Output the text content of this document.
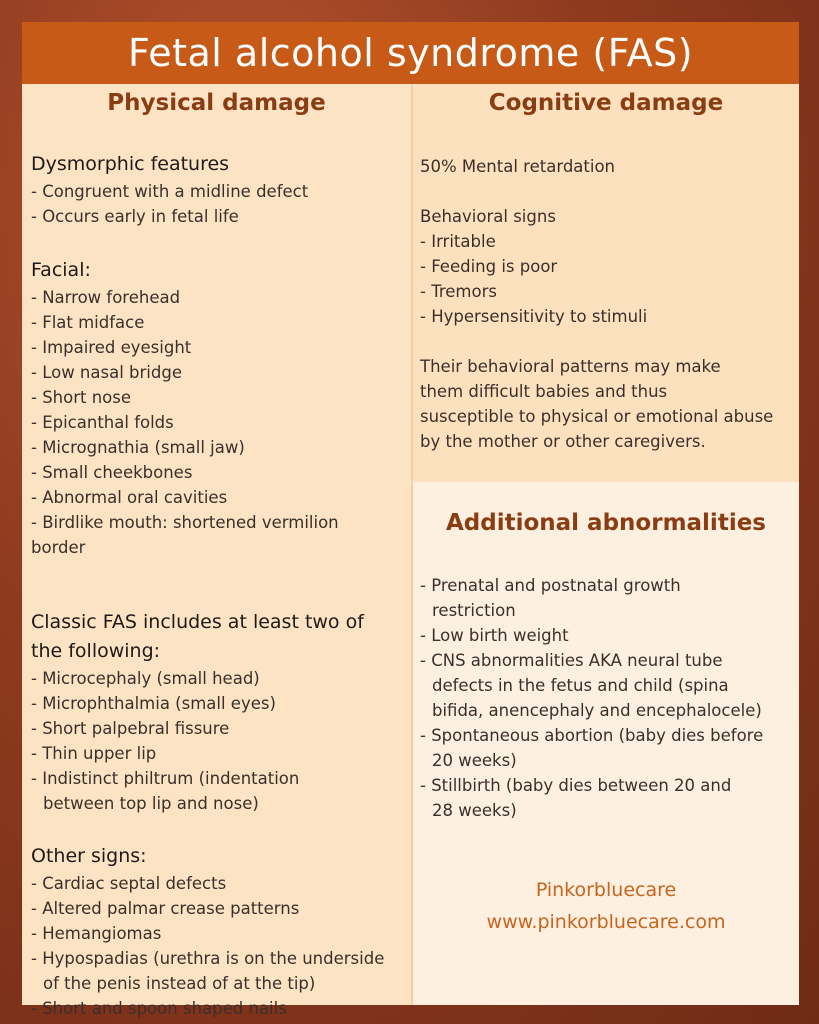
Fetal alcohol syndrome (FAS)
Physical damage

Dysmorphic features

- Congruent with a midline defect

- Occurs early in fetal life

Facial:

- Narrow forehead

- Flat midface

- Impaired eyesight

- Low nasal bridge

- Short nose

- Epicanthal folds

- Micrognathia (small jaw)

- Small cheekbones

- Abnormal oral cavities

- Birdlike mouth: shortened vermilion

border

Classic FAS includes at least two of

the following:

- Microcephaly (small head)

- Microphthalmia (small eyes)

- Short palpebral fissure

- Thin upper lip

- Indistinct philtrum (indentation

between top lip and nose)

Other signs:

- Cardiac septal defects

- Altered palmar crease patterns

- Hemangiomas

- Hypospadias (urethra is on the underside

of the penis instead of at the tip)

- Short and spoon shaped nails

Cognitive damage

50% Mental retardation

Behavioral signs

- Irritable

- Feeding is poor

- Tremors

- Hypersensitivity to stimuli

Their behavioral patterns may make

them difficult babies and thus

susceptible to physical or emotional abuse

by the mother or other caregivers.

Additional abnormalities

- Prenatal and postnatal growth

restriction

- Low birth weight

- CNS abnormalities AKA neural tube

defects in the fetus and child (spina

bifida, anencephaly and encephalocele)

- Spontaneous abortion (baby dies before

20 weeks)

- Stillbirth (baby dies between 20 and

28 weeks)

Pinkorbluecare
www.pinkorbluecare.com
